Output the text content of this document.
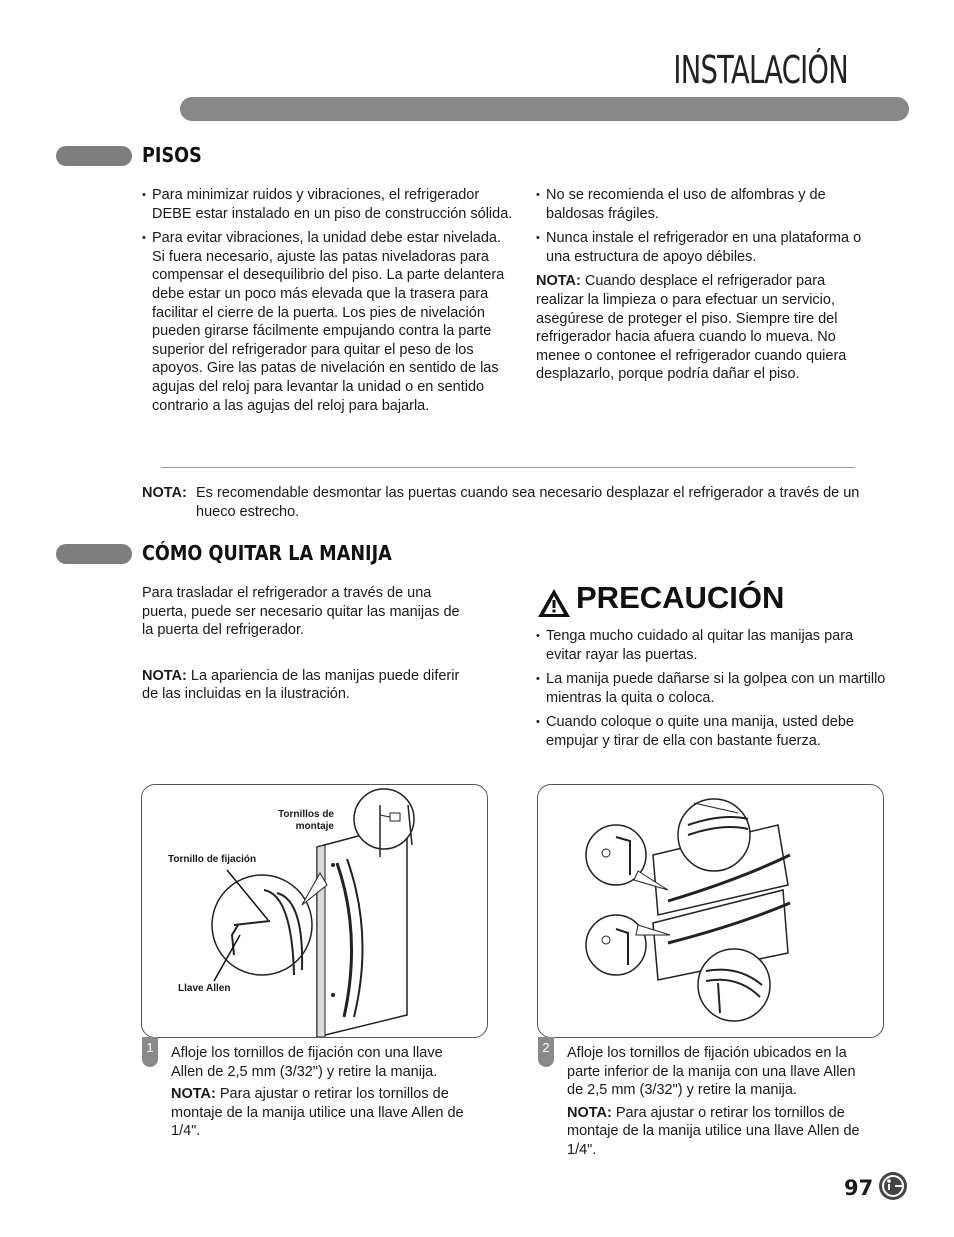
INSTALACIÓN
PISOS
• Para minimizar ruidos y vibraciones, el refrigerador DEBE estar instalado en un piso de construcción sólida.
• Para evitar vibraciones, la unidad debe estar nivelada. Si fuera necesario, ajuste las patas niveladoras para compensar el desequilibrio del piso. La parte delantera debe estar un poco más elevada que la trasera para facilitar el cierre de la puerta. Los pies de nivelación pueden girarse fácilmente empujando contra la parte superior del refrigerador para quitar el peso de los apoyos. Gire las patas de nivelación en sentido de las agujas del reloj para levantar la unidad o en sentido contrario a las agujas del reloj para bajarla.
• No se recomienda el uso de alfombras y de baldosas frágiles.
• Nunca instale el refrigerador en una plataforma o una estructura de apoyo débiles.
NOTA: Cuando desplace el refrigerador para realizar la limpieza o para efectuar un servicio, asegúrese de proteger el piso. Siempre tire del refrigerador hacia afuera cuando lo mueva. No menee o contonee el refrigerador cuando quiera desplazarlo, porque podría dañar el piso.
NOTA: Es recomendable desmontar las puertas cuando sea necesario desplazar el refrigerador a través de un hueco estrecho.
CÓMO QUITAR LA MANIJA
Para trasladar el refrigerador a través de una puerta, puede ser necesario quitar las manijas de la puerta del refrigerador.
NOTA: La apariencia de las manijas puede diferir de las incluidas en la ilustración.
PRECAUCIÓN
• Tenga mucho cuidado al quitar las manijas para evitar rayar las puertas.
• La manija puede dañarse si la golpea con un martillo mientras la quita o coloca.
• Cuando coloque o quite una manija, usted debe empujar y tirar de ella con bastante fuerza.
Tornillos de
montaje
Tornillo de fijación
Llave Allen
1	Afloje los tornillos de fijación con una llave Allen de 2,5 mm (3/32") y retire la manija.
NOTA: Para ajustar o retirar los tornillos de montaje de la manija utilice una llave Allen de 1/4".
2	Afloje los tornillos de fijación ubicados en la parte inferior de la manija con una llave Allen de 2,5 mm (3/32") y retire la manija.
NOTA: Para ajustar o retirar los tornillos de montaje de la manija utilice una llave Allen de 1/4".
97
